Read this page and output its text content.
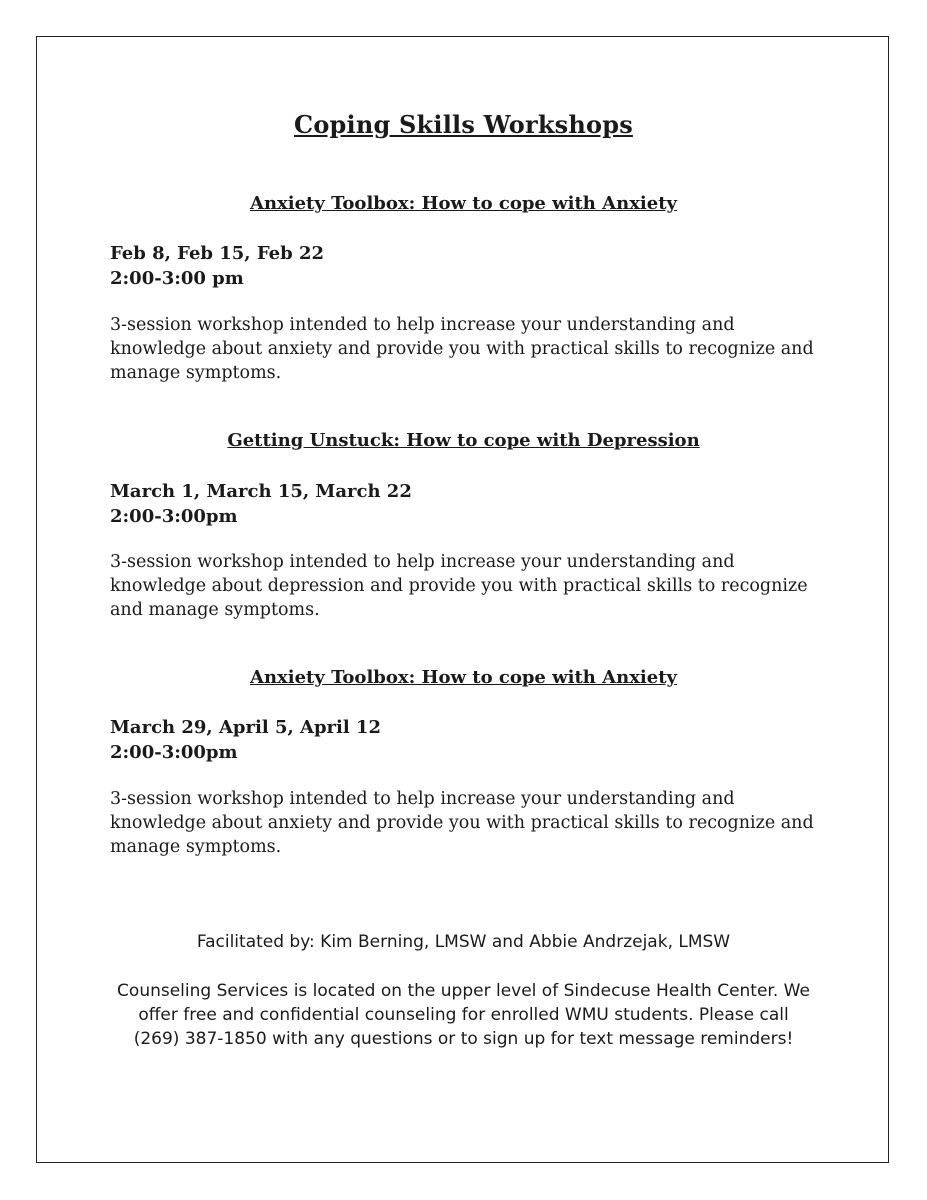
Coping Skills Workshops
Anxiety Toolbox: How to cope with Anxiety
Feb 8, Feb 15, Feb 22
2:00-3:00 pm
3-session workshop intended to help increase your understanding and
knowledge about anxiety and provide you with practical skills to recognize and
manage symptoms.
Getting Unstuck: How to cope with Depression
March 1, March 15, March 22
2:00-3:00pm
3-session workshop intended to help increase your understanding and
knowledge about depression and provide you with practical skills to recognize
and manage symptoms.
Anxiety Toolbox: How to cope with Anxiety
March 29, April 5, April 12
2:00-3:00pm
3-session workshop intended to help increase your understanding and
knowledge about anxiety and provide you with practical skills to recognize and
manage symptoms.
Facilitated by: Kim Berning, LMSW and Abbie Andrzejak, LMSW
Counseling Services is located on the upper level of Sindecuse Health Center. We
offer free and confidential counseling for enrolled WMU students. Please call
(269) 387-1850 with any questions or to sign up for text message reminders!
